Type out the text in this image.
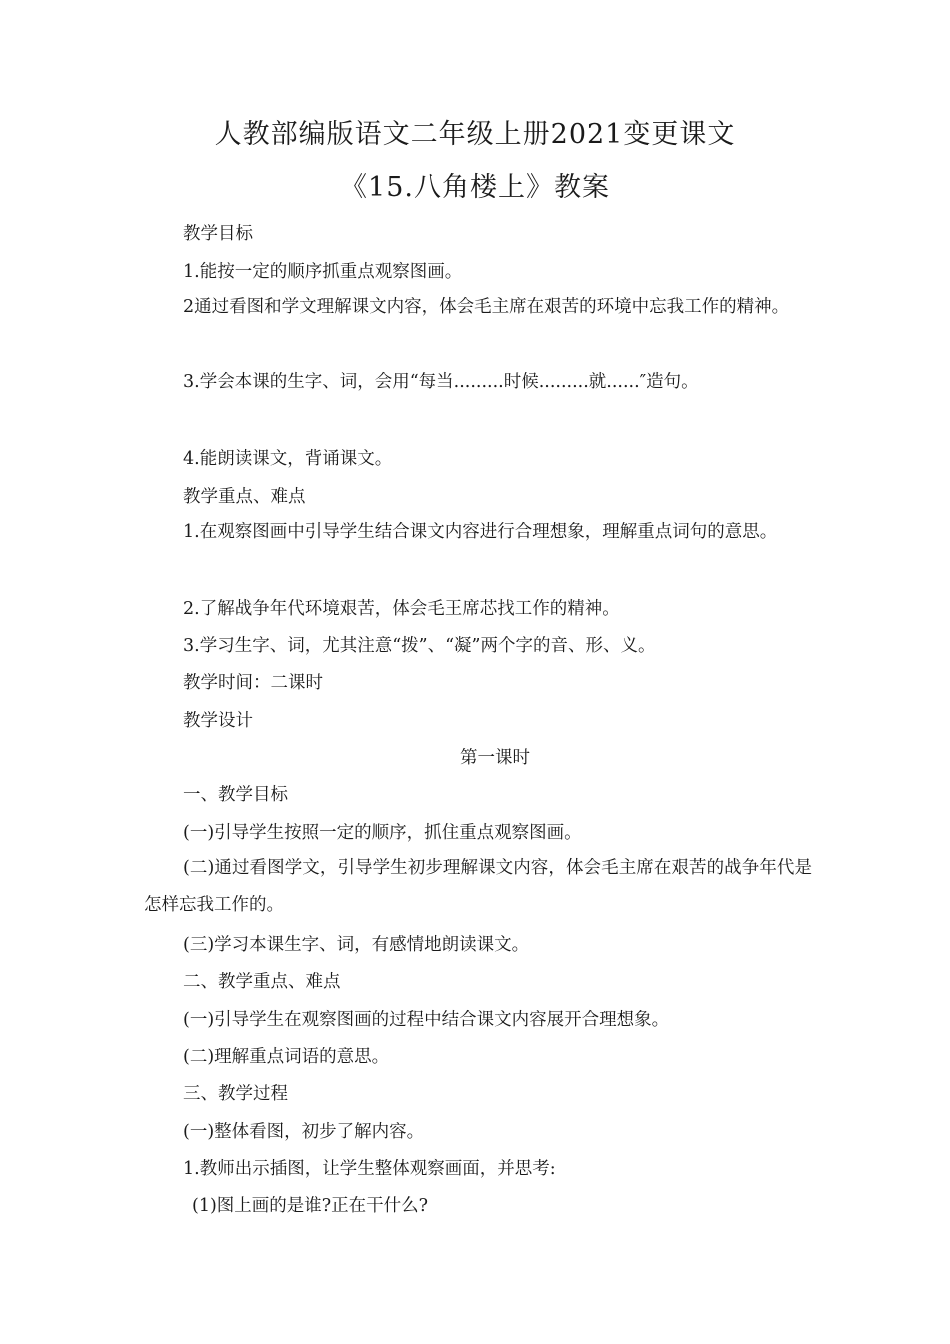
人教部编版语文二年级上册2021变更课文
《15.八角楼上》教案
教学目标
1.能按一定的顺序抓重点观察图画。
2通过看图和学文理解课文内容，体会毛主席在艰苦的环境中忘我工作的精神。
3.学会本课的生字、词，会用“每当.........时候.........就......″造句。
4.能朗读课文，背诵课文。
教学重点、难点
1.在观察图画中引导学生结合课文内容进行合理想象，理解重点词句的意思。
2.了解战争年代环境艰苦，体会毛王席芯找工作的精神。
3.学习生字、词，尤其注意“拨”、“凝”两个字的音、形、义。
教学时间：二课时
教学设计
第一课时
一、教学目标
(一)引导学生按照一定的顺序，抓住重点观察图画。
(二)通过看图学文，引导学生初步理解课文内容，体会毛主席在艰苦的战争年代是怎样忘我工作的。
(三)学习本课生字、词，有感情地朗读课文。
二、教学重点、难点
(一)引导学生在观察图画的过程中结合课文内容展开合理想象。
(二)理解重点词语的意思。
三、教学过程
(一)整体看图，初步了解内容。
1.教师出示插图，让学生整体观察画面，并思考:
(1)图上画的是谁?正在干什么?
